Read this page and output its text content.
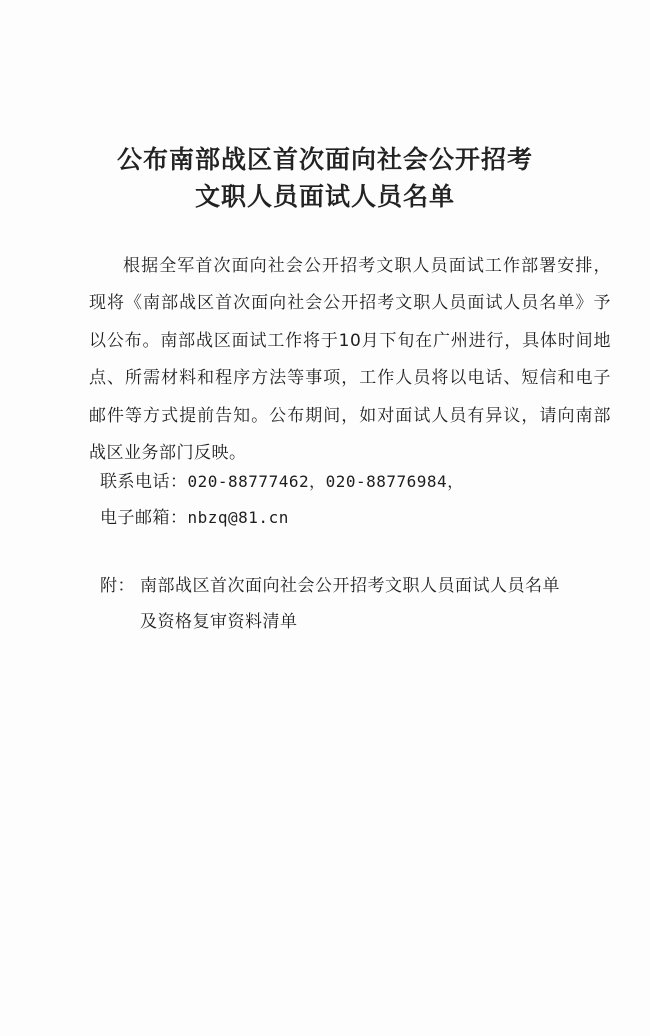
公布南部战区首次面向社会公开招考
文职人员面试人员名单
根据全军首次面向社会公开招考文职人员面试工作部署安排，现将《南部战区首次面向社会公开招考文职人员面试人员名单》予以公布。南部战区面试工作将于10月下旬在广州进行，具体时间地点、所需材料和程序方法等事项，工作人员将以电话、短信和电子邮件等方式提前告知。公布期间，如对面试人员有异议，请向南部战区业务部门反映。
联系电话：020-88777462，020-88776984，
电子邮箱：nbzq@81.cn
附： 南部战区首次面向社会公开招考文职人员面试人员名单
及资格复审资料清单
